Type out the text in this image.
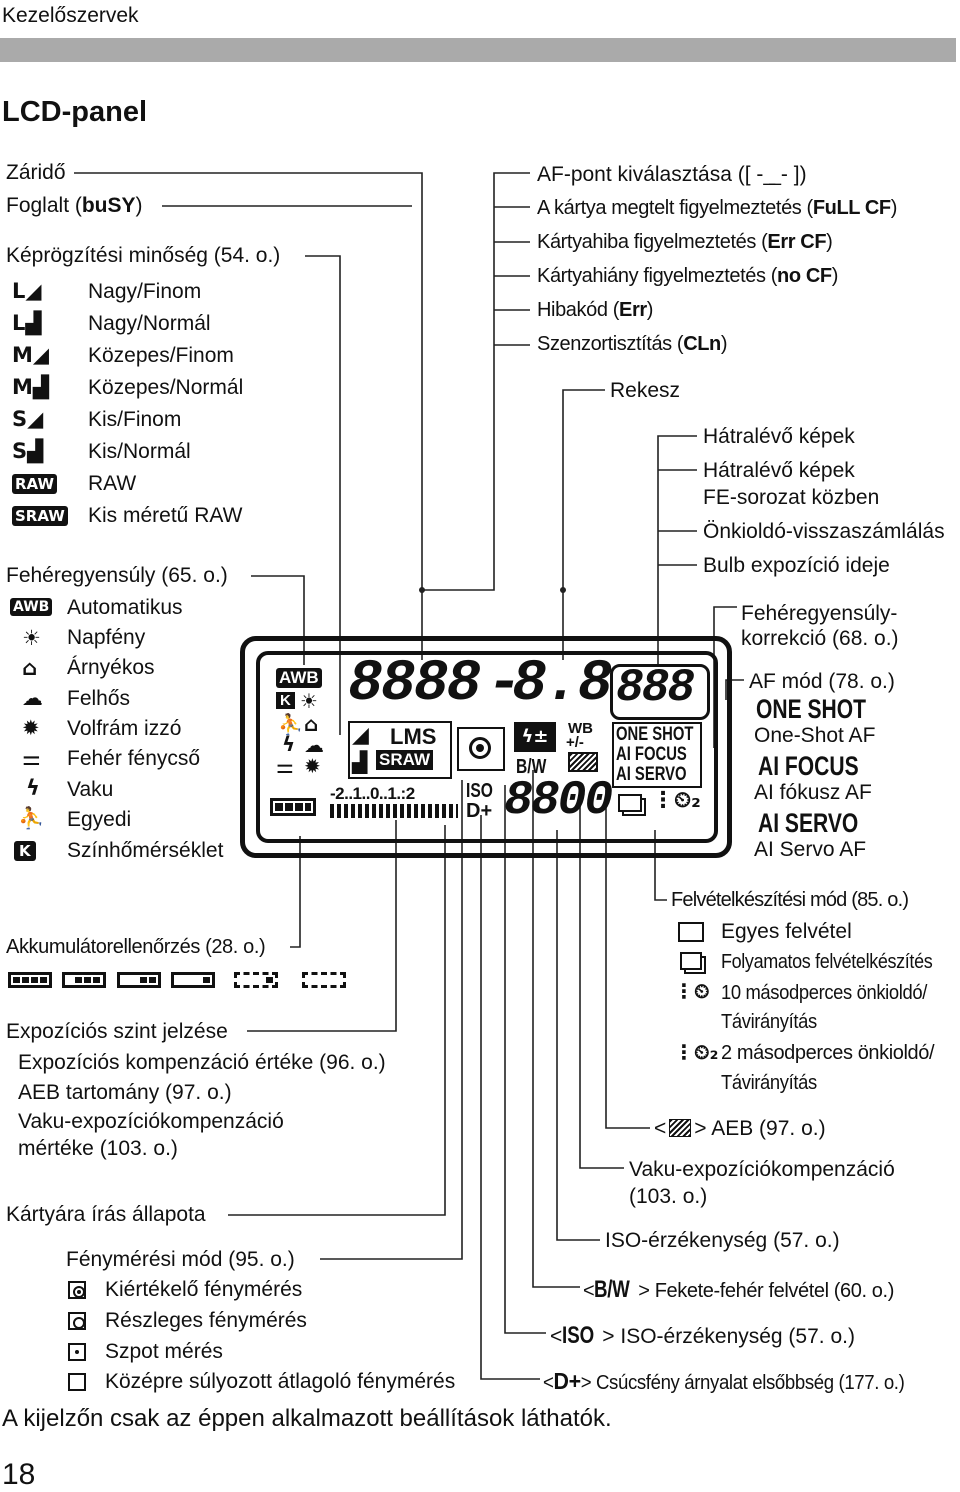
Kezelőszervek
LCD-panel
Záridő
Foglalt (buSY)
Képrögzítési minőség (54. o.)
L◢ Nagy/Finom
L▟ Nagy/Normál
M◢ Közepes/Finom
M▟ Közepes/Normál
S◢ Kis/Finom
S▟ Kis/Normál
RAW RAW
SRAW Kis méretű RAW
Fehéregyensúly (65. o.)
AWB Automatikus
☀ Napfény
⌂ Árnyékos
☁ Felhős
✹ Volfrám izzó
⚌ Fehér fénycső
ϟ Vaku
⛹ Egyedi
K Színhőmérséklet
Akkumulátorellenőrzés (28. o.)

Expozíciós szint jelzése
Expozíciós kompenzáció értéke (96. o.)
AEB tartomány (97. o.)
Vaku-expozíciókompenzáció
mértéke (103. o.)
Kártyára írás állapota
Fénymérési mód (95. o.)
Kiértékelő fénymérés
Részleges fénymérés
Szpot mérés
Középre súlyozott átlagoló fénymérés
AF-pont kiválasztása ([ - ̲ ̲ - ])
A kártya megtelt figyelmeztetés (FuLL CF)
Kártyahiba figyelmeztetés (Err CF)
Kártyahiány figyelmeztetés (no CF)
Hibakód (Err)
Szenzortisztítás (CLn)
Rekesz
Hátralévő képek
Hátralévő képek
FE-sorozat közben
Önkioldó-visszaszámlálás
Bulb expozíció ideje
Fehéregyensúly-
korrekció (68. o.)
AF mód (78. o.)
ONE SHOT
One-Shot AF
AI FOCUS
AI fókusz AF
AI SERVO
AI Servo AF
Felvételkészítési mód (85. o.)
Egyes felvétel
Folyamatos felvételkészítés
⋮⏲ 10 másodperces önkioldó/
Távirányítás
⋮⏲₂ 2 másodperces önkioldó/
Távirányítás
< > AEB (97. o.)
Vaku-expozíciókompenzáció
(103. o.)
ISO-érzékenység (57. o.)
<B/W > Fekete-fehér felvétel (60. o.)
<ISO > ISO-érzékenység (57. o.)
<D+> Csúcsfény árnyalat elsőbbség (177. o.)
AWB
K ☀
⛹ ⌂
ϟ ☁
⚌ ✹
8888 -
8.8 888
◢ LMS
▟ SRAW
ϟ±
B/W
WB
+/- ONE SHOT
AI FOCUS
AI SERVO
-2..1..0..1.:2	ISO
D+ 8800 ⋮⏲₂
A kijelzőn csak az éppen alkalmazott beállítások láthatók.
18
